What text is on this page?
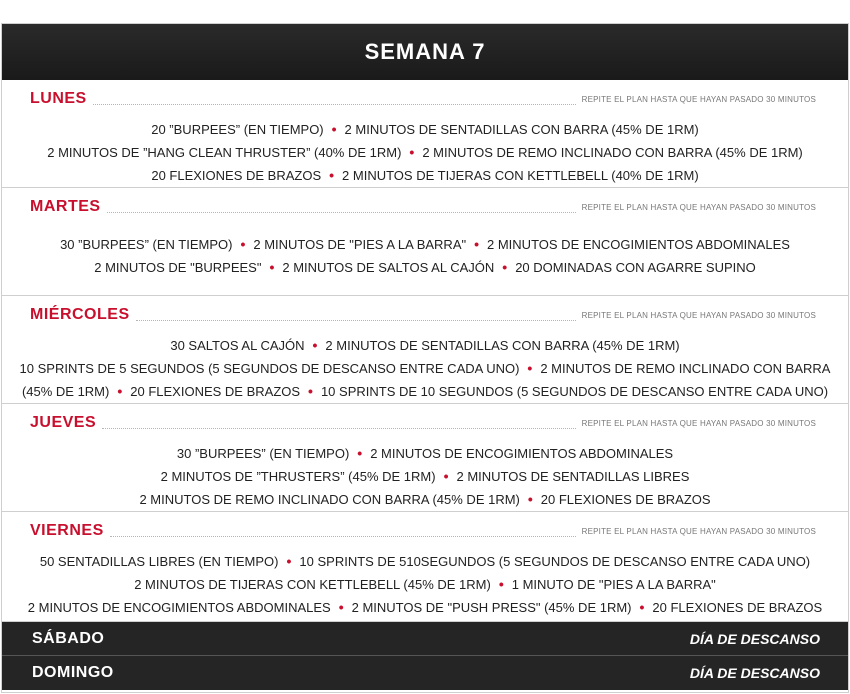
SEMANA 7
LUNES	REPITE EL PLAN HASTA QUE HAYAN PASADO 30 MINUTOS
20 ”BURPEES” (EN TIEMPO) • 2 MINUTOS DE SENTADILLAS CON BARRA (45% DE 1RM)
2 MINUTOS DE ”HANG CLEAN THRUSTER” (40% DE 1RM) • 2 MINUTOS DE REMO INCLINADO CON BARRA (45% DE 1RM)
20 FLEXIONES DE BRAZOS • 2 MINUTOS DE TIJERAS CON KETTLEBELL (40% DE 1RM)
MARTES	REPITE EL PLAN HASTA QUE HAYAN PASADO 30 MINUTOS
30 ”BURPEES” (EN TIEMPO) • 2 MINUTOS DE "PIES A LA BARRA" • 2 MINUTOS DE ENCOGIMIENTOS ABDOMINALES
2 MINUTOS DE "BURPEES" • 2 MINUTOS DE SALTOS AL CAJÓN • 20 DOMINADAS CON AGARRE SUPINO
MIÉRCOLES	REPITE EL PLAN HASTA QUE HAYAN PASADO 30 MINUTOS
30 SALTOS AL CAJÓN • 2 MINUTOS DE SENTADILLAS CON BARRA (45% DE 1RM)
10 SPRINTS DE 5 SEGUNDOS (5 SEGUNDOS DE DESCANSO ENTRE CADA UNO) • 2 MINUTOS DE REMO INCLINADO CON BARRA
(45% DE 1RM) • 20 FLEXIONES DE BRAZOS • 10 SPRINTS DE 10 SEGUNDOS (5 SEGUNDOS DE DESCANSO ENTRE CADA UNO)
JUEVES	REPITE EL PLAN HASTA QUE HAYAN PASADO 30 MINUTOS
30 ”BURPEES” (EN TIEMPO) • 2 MINUTOS DE ENCOGIMIENTOS ABDOMINALES
2 MINUTOS DE ”THRUSTERS” (45% DE 1RM) • 2 MINUTOS DE SENTADILLAS LIBRES
2 MINUTOS DE REMO INCLINADO CON BARRA (45% DE 1RM) • 20 FLEXIONES DE BRAZOS
VIERNES	REPITE EL PLAN HASTA QUE HAYAN PASADO 30 MINUTOS
50 SENTADILLAS LIBRES (EN TIEMPO) • 10 SPRINTS DE 510SEGUNDOS (5 SEGUNDOS DE DESCANSO ENTRE CADA UNO)
2 MINUTOS DE TIJERAS CON KETTLEBELL (45% DE 1RM) • 1 MINUTO DE "PIES A LA BARRA"
2 MINUTOS DE ENCOGIMIENTOS ABDOMINALES • 2 MINUTOS DE "PUSH PRESS" (45% DE 1RM) • 20 FLEXIONES DE BRAZOS
SÁBADO	DÍA DE DESCANSO
DOMINGO	DÍA DE DESCANSO
